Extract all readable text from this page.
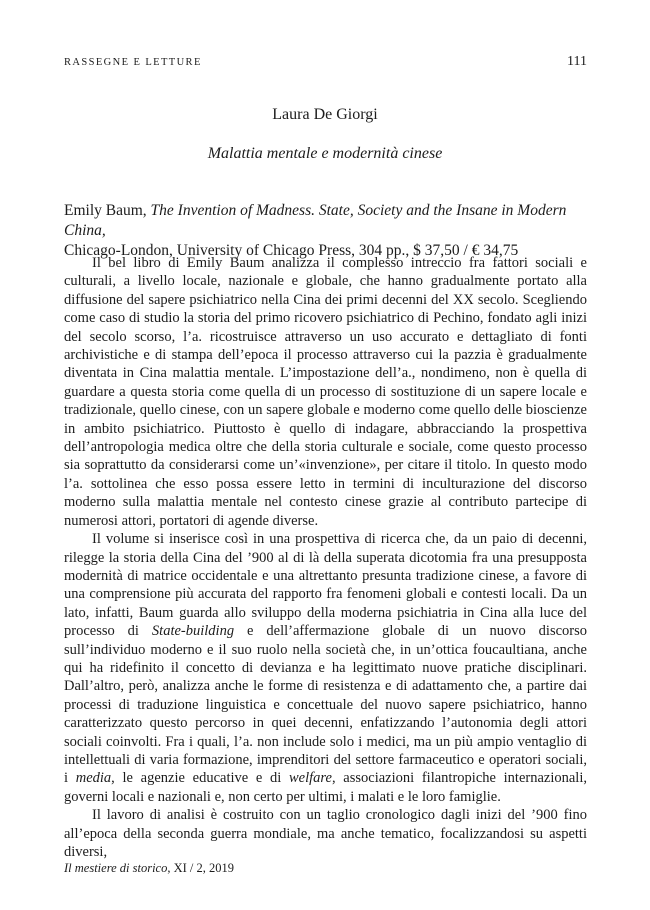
RASSEGNE E LETTURE	111
Laura De Giorgi
Malattia mentale e modernità cinese
Emily Baum, The Invention of Madness. State, Society and the Insane in Modern China,
Chicago-London, University of Chicago Press, 304 pp., $ 37,50 / € 34,75

Il bel libro di Emily Baum analizza il complesso intreccio fra fattori sociali e culturali, a livello locale, nazionale e globale, che hanno gradualmente portato alla diffusione del sapere psichiatrico nella Cina dei primi decenni del XX secolo. Scegliendo come caso di studio la storia del primo ricovero psichiatrico di Pechino, fondato agli inizi del secolo scorso, l’a. ricostruisce attraverso un uso accurato e dettagliato di fonti archivistiche e di stampa dell’epoca il processo attraverso cui la pazzia è gradualmente diventata in Cina malattia mentale. L’impostazione dell’a., nondimeno, non è quella di guardare a questa storia come quella di un processo di sostituzione di un sapere locale e tradizionale, quello cinese, con un sapere globale e moderno come quello delle bioscienze in ambito psichiatrico. Piuttosto è quello di indagare, abbracciando la prospettiva dell’antropologia medica oltre che della storia culturale e sociale, come questo processo sia soprattutto da considerarsi come un’«invenzione», per citare il titolo. In questo modo l’a. sottolinea che esso possa essere letto in termini di inculturazione del discorso moderno sulla malattia mentale nel contesto cinese grazie al contributo partecipe di numerosi attori, portatori di agende diverse.

Il volume si inserisce così in una prospettiva di ricerca che, da un paio di decenni, rilegge la storia della Cina del ’900 al di là della superata dicotomia fra una presupposta modernità di matrice occidentale e una altrettanto presunta tradizione cinese, a favore di una comprensione più accurata del rapporto fra fenomeni globali e contesti locali. Da un lato, infatti, Baum guarda allo sviluppo della moderna psichiatria in Cina alla luce del processo di State-building e dell’affermazione globale di un nuovo discorso sull’individuo moderno e il suo ruolo nella società che, in un’ottica foucaultiana, anche qui ha ridefinito il concetto di devianza e ha legittimato nuove pratiche disciplinari. Dall’altro, però, analizza anche le forme di resistenza e di adattamento che, a partire dai processi di traduzione linguistica e concettuale del nuovo sapere psichiatrico, hanno caratterizzato questo percorso in quei decenni, enfatizzando l’autonomia degli attori sociali coinvolti. Fra i quali, l’a. non include solo i medici, ma un più ampio ventaglio di intellettuali di varia formazione, imprenditori del settore farmaceutico e operatori sociali, i media, le agenzie educative e di welfare, associazioni filantropiche internazionali, governi locali e nazionali e, non certo per ultimi, i malati e le loro famiglie.

Il lavoro di analisi è costruito con un taglio cronologico dagli inizi del ’900 fino all’epoca della seconda guerra mondiale, ma anche tematico, focalizzandosi su aspetti diversi,

Il mestiere di storico, XI / 2, 2019
